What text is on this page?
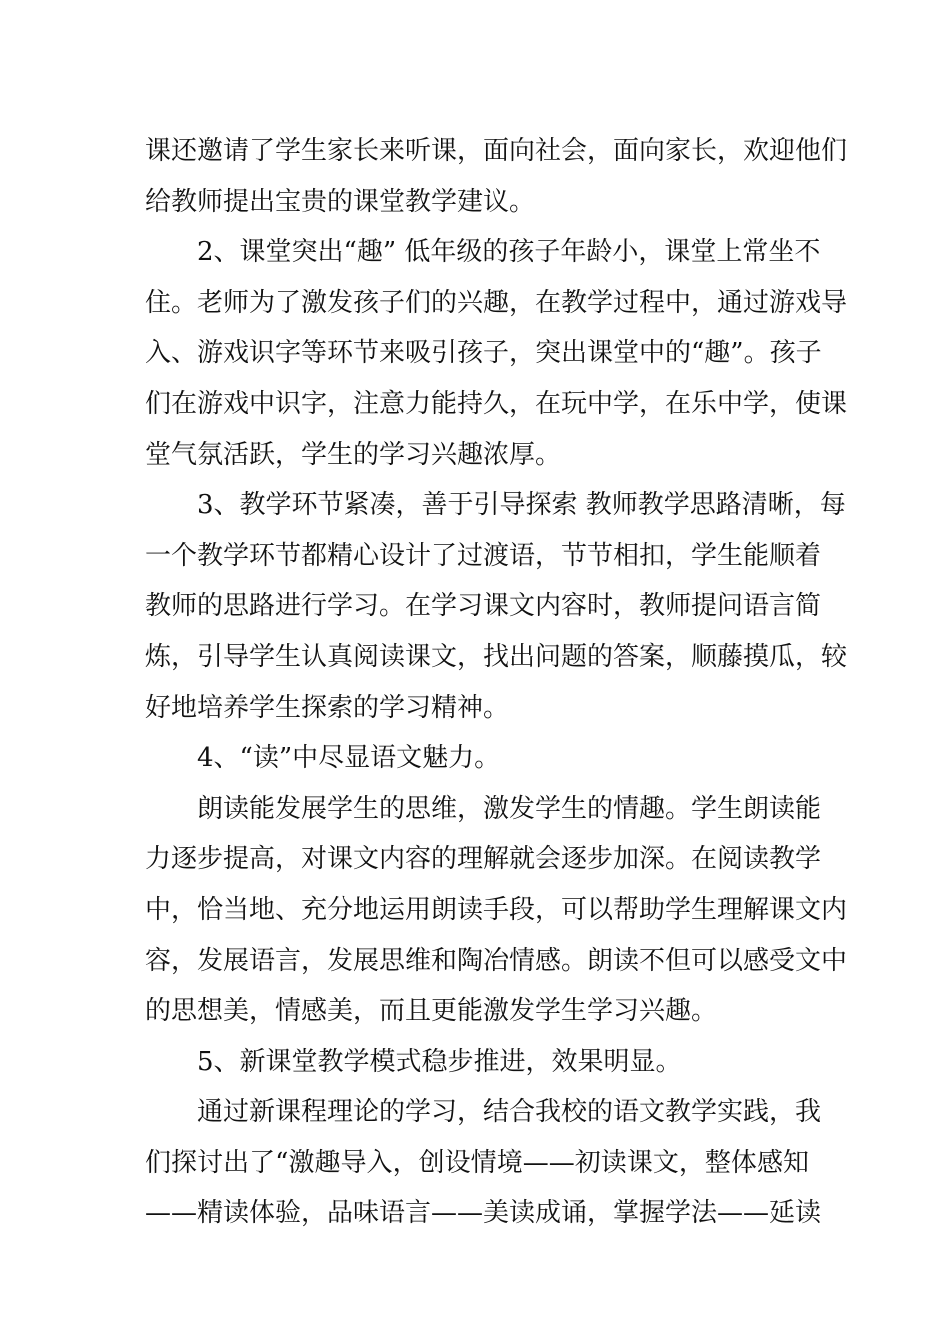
课还邀请了学生家长来听课，面向社会，面向家长，欢迎他们
给教师提出宝贵的课堂教学建议。
2、课堂突出“趣” 低年级的孩子年龄小，课堂上常坐不
住。老师为了激发孩子们的兴趣，在教学过程中，通过游戏导
入、游戏识字等环节来吸引孩子，突出课堂中的“趣”。孩子
们在游戏中识字，注意力能持久，在玩中学，在乐中学，使课
堂气氛活跃，学生的学习兴趣浓厚。
3、教学环节紧凑，善于引导探索 教师教学思路清晰，每
一个教学环节都精心设计了过渡语，节节相扣，学生能顺着
教师的思路进行学习。在学习课文内容时，教师提问语言简
炼，引导学生认真阅读课文，找出问题的答案，顺藤摸瓜，较
好地培养学生探索的学习精神。
4、“读”中尽显语文魅力。
朗读能发展学生的思维，激发学生的情趣。学生朗读能
力逐步提高，对课文内容的理解就会逐步加深。在阅读教学
中，恰当地、充分地运用朗读手段，可以帮助学生理解课文内
容，发展语言，发展思维和陶冶情感。朗读不但可以感受文中
的思想美，情感美，而且更能激发学生学习兴趣。
5、新课堂教学模式稳步推进，效果明显。
通过新课程理论的学习，结合我校的语文教学实践，我
们探讨出了“激趣导入，创设情境——初读课文，整体感知
——精读体验，品味语言——美读成诵，掌握学法——延读
